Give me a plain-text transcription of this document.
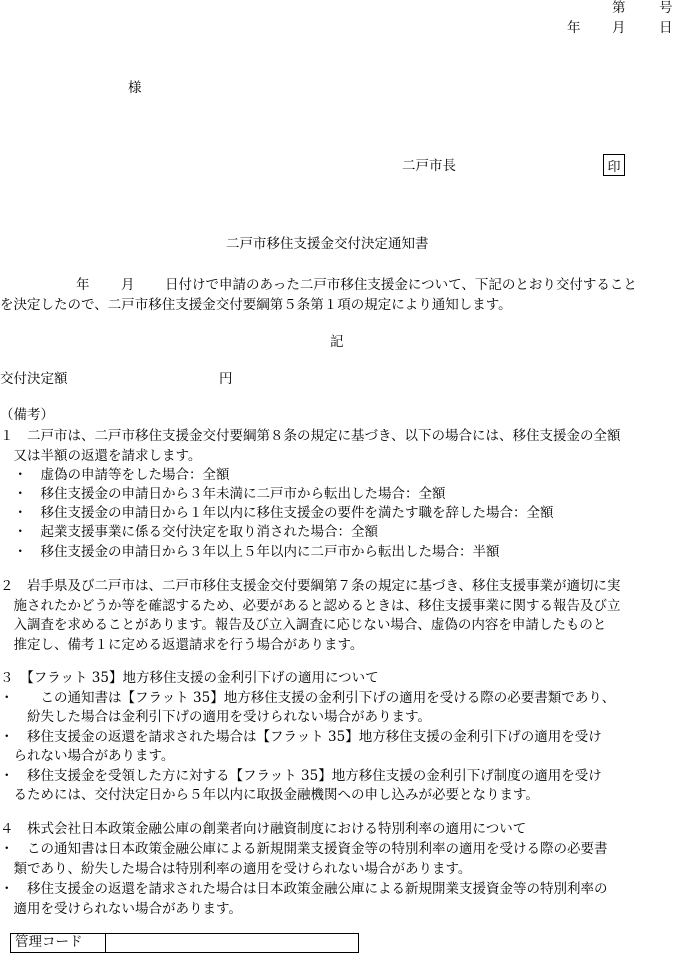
第 号
年 月 日
様
二戸市長	印
二戸市移住支援金交付決定通知書
年 月 日付けで申請のあった二戸市移住支援金について、下記のとおり交付すること
を決定したので、二戸市移住支援金交付要綱第５条第１項の規定により通知します。
記
交付決定額	円
（備考）
１　二戸市は、二戸市移住支援金交付要綱第８条の規定に基づき、以下の場合には、移住支援金の全額
　又は半額の返還を請求します。
　・　虚偽の申請等をした場合：全額
　・　移住支援金の申請日から３年未満に二戸市から転出した場合：全額
　・　移住支援金の申請日から１年以内に移住支援金の要件を満たす職を辞した場合：全額
　・　起業支援事業に係る交付決定を取り消された場合：全額
　・　移住支援金の申請日から３年以上５年以内に二戸市から転出した場合：半額
２　岩手県及び二戸市は、二戸市移住支援金交付要綱第７条の規定に基づき、移住支援事業が適切に実
　施されたかどうか等を確認するため、必要があると認めるときは、移住支援事業に関する報告及び立
　入調査を求めることがあります。報告及び立入調査に応じない場合、虚偽の内容を申請したものと
　推定し、備考１に定める返還請求を行う場合があります。
３　【フラット 35】地方移住支援の金利引下げの適用について
・　　この通知書は【フラット 35】地方移住支援の金利引下げの適用を受ける際の必要書類であり、
　　紛失した場合は金利引下げの適用を受けられない場合があります。
・　移住支援金の返還を請求された場合は【フラット 35】地方移住支援の金利引下げの適用を受け
　られない場合があります。
・　移住支援金を受領した方に対する【フラット 35】地方移住支援の金利引下げ制度の適用を受け
　るためには、交付決定日から５年以内に取扱金融機関への申し込みが必要となります。
４　株式会社日本政策金融公庫の創業者向け融資制度における特別利率の適用について
・　この通知書は日本政策金融公庫による新規開業支援資金等の特別利率の適用を受ける際の必要書
　類であり、紛失した場合は特別利率の適用を受けられない場合があります。
・　移住支援金の返還を請求された場合は日本政策金融公庫による新規開業支援資金等の特別利率の
　適用を受けられない場合があります。
管理コード	
